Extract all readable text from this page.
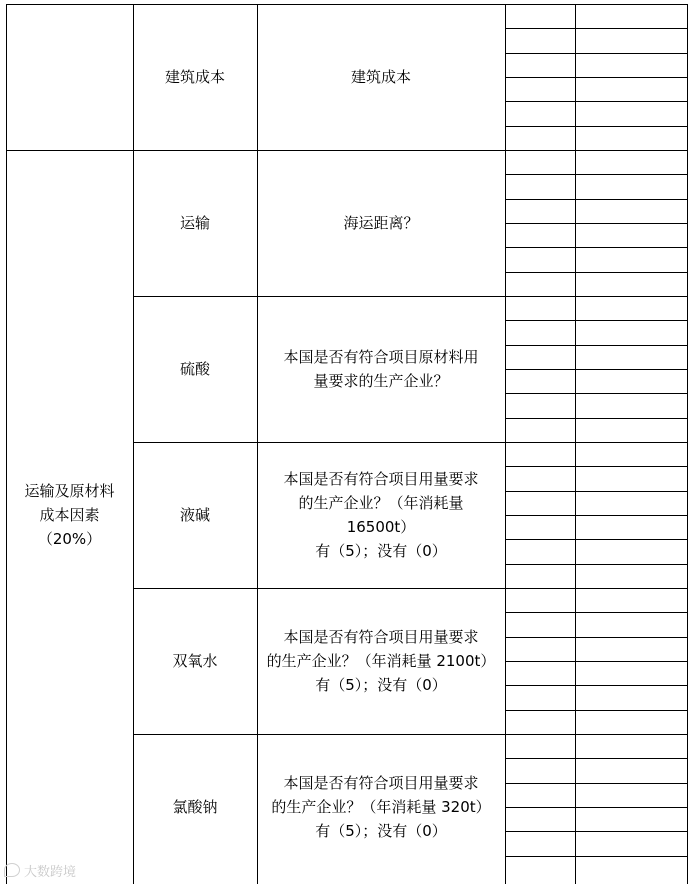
建筑成本	建筑成本
运输及原材料
成本因素
（20%）
运输	海运距离？
硫酸
本国是否有符合项目原材料用
量要求的生产企业？
液碱
本国是否有符合项目用量要求
的生产企业？（年消耗量
16500t）
有（5）；没有（0）
双氧水
本国是否有符合项目用量要求
的生产企业？（年消耗量 2100t）
有（5）；没有（0）
氯酸钠
本国是否有符合项目用量要求
的生产企业？（年消耗量 320t）
有（5）；没有（0）
大数跨境
